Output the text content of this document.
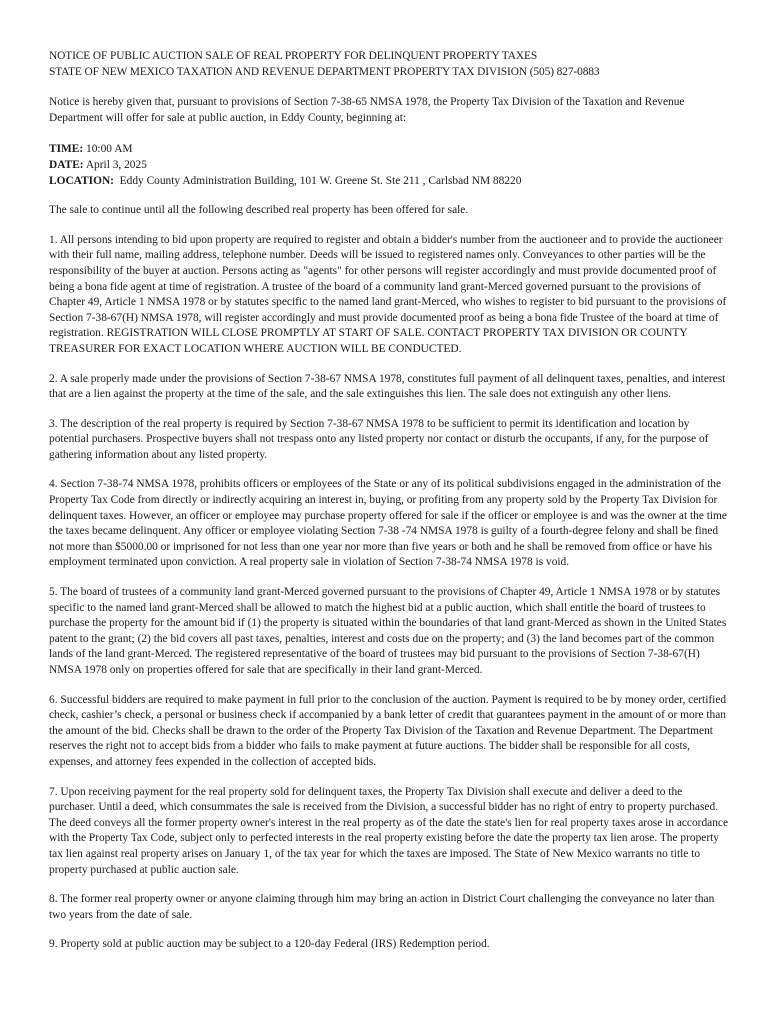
NOTICE OF PUBLIC AUCTION SALE OF REAL PROPERTY FOR DELINQUENT PROPERTY TAXES

STATE OF NEW MEXICO TAXATION AND REVENUE DEPARTMENT PROPERTY TAX DIVISION (505) 827-0883

Notice is hereby given that, pursuant to provisions of Section 7-38-65 NMSA 1978, the Property Tax Division of the Taxation and Revenue Department will offer for sale at public auction, in Eddy County, beginning at:

TIME: 10:00 AM

DATE: April 3, 2025

LOCATION:  Eddy County Administration Building, 101 W. Greene St. Ste 211 , Carlsbad NM 88220

The sale to continue until all the following described real property has been offered for sale.

1. All persons intending to bid upon property are required to register and obtain a bidder's number from the auctioneer and to provide the auctioneer with their full name, mailing address, telephone number. Deeds will be issued to registered names only. Conveyances to other parties will be the responsibility of the buyer at auction. Persons acting as "agents" for other persons will register accordingly and must provide documented proof of being a bona fide agent at time of registration. A trustee of the board of a community land grant-Merced governed pursuant to the provisions of Chapter 49, Article 1 NMSA 1978 or by statutes specific to the named land grant-Merced, who wishes to register to bid pursuant to the provisions of Section 7-38-67(H) NMSA 1978, will register accordingly and must provide documented proof as being a bona fide Trustee of the board at time of registration. REGISTRATION WILL CLOSE PROMPTLY AT START OF SALE. CONTACT PROPERTY TAX DIVISION OR COUNTY TREASURER FOR EXACT LOCATION WHERE AUCTION WILL BE CONDUCTED.

2. A sale properly made under the provisions of Section 7-38-67 NMSA 1978, constitutes full payment of all delinquent taxes, penalties, and interest that are a lien against the property at the time of the sale, and the sale extinguishes this lien. The sale does not extinguish any other liens.

3. The description of the real property is required by Section 7-38-67 NMSA 1978 to be sufficient to permit its identification and location by potential purchasers. Prospective buyers shall not trespass onto any listed property nor contact or disturb the occupants, if any, for the purpose of gathering information about any listed property.

4. Section 7-38-74 NMSA 1978, prohibits officers or employees of the State or any of its political subdivisions engaged in the administration of the Property Tax Code from directly or indirectly acquiring an interest in, buying, or profiting from any property sold by the Property Tax Division for delinquent taxes. However, an officer or employee may purchase property offered for sale if the officer or employee is and was the owner at the time the taxes became delinquent. Any officer or employee violating Section 7-38 -74 NMSA 1978 is guilty of a fourth-degree felony and shall be fined not more than $5000.00 or imprisoned for not less than one year nor more than five years or both and he shall be removed from office or have his employment terminated upon conviction. A real property sale in violation of Section 7-38-74 NMSA 1978 is void.

5. The board of trustees of a community land grant-Merced governed pursuant to the provisions of Chapter 49, Article 1 NMSA 1978 or by statutes specific to the named land grant-Merced shall be allowed to match the highest bid at a public auction, which shall entitle the board of trustees to purchase the property for the amount bid if (1) the property is situated within the boundaries of that land grant-Merced as shown in the United States patent to the grant; (2) the bid covers all past taxes, penalties, interest and costs due on the property; and (3) the land becomes part of the common lands of the land grant-Merced. The registered representative of the board of trustees may bid pursuant to the provisions of Section 7-38-67(H) NMSA 1978 only on properties offered for sale that are specifically in their land grant-Merced.

6. Successful bidders are required to make payment in full prior to the conclusion of the auction. Payment is required to be by money order, certified check, cashier’s check, a personal or business check if accompanied by a bank letter of credit that guarantees payment in the amount of or more than the amount of the bid. Checks shall be drawn to the order of the Property Tax Division of the Taxation and Revenue Department. The Department reserves the right not to accept bids from a bidder who fails to make payment at future auctions. The bidder shall be responsible for all costs, expenses, and attorney fees expended in the collection of accepted bids.

7. Upon receiving payment for the real property sold for delinquent taxes, the Property Tax Division shall execute and deliver a deed to the purchaser. Until a deed, which consummates the sale is received from the Division, a successful bidder has no right of entry to property purchased. The deed conveys all the former property owner's interest in the real property as of the date the state's lien for real property taxes arose in accordance with the Property Tax Code, subject only to perfected interests in the real property existing before the date the property tax lien arose. The property tax lien against real property arises on January 1, of the tax year for which the taxes are imposed. The State of New Mexico warrants no title to property purchased at public auction sale.

8. The former real property owner or anyone claiming through him may bring an action in District Court challenging the conveyance no later than two years from the date of sale.

9. Property sold at public auction may be subject to a 120-day Federal (IRS) Redemption period.
